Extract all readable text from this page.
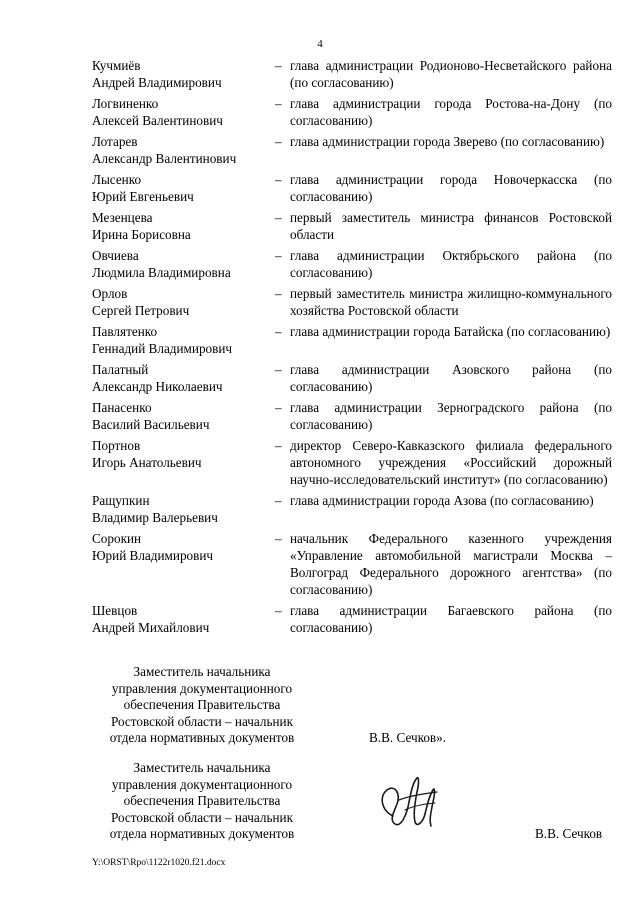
4
Кучмиёв
Андрей Владимирович
– глава администрации Родионово-Несветайского района (по согласованию)
Логвиненко
Алексей Валентинович
– глава администрации города Ростова-на-Дону (по согласованию)
Лотарев
Александр Валентинович
– глава администрации города Зверево (по согласованию)
Лысенко
Юрий Евгеньевич
– глава администрации города Новочеркасска (по согласованию)
Мезенцева
Ирина Борисовна
– первый заместитель министра финансов Ростовской области
Овчиева
Людмила Владимировна
– глава администрации Октябрьского района (по согласованию)
Орлов
Сергей Петрович
– первый заместитель министра жилищно-коммунального хозяйства Ростовской области
Павлятенко
Геннадий Владимирович
– глава администрации города Батайска (по согласованию)
Палатный
Александр Николаевич
– глава администрации Азовского района (по согласованию)
Панасенко
Василий Васильевич
– глава администрации Зерноградского района (по согласованию)
Портнов
Игорь Анатольевич
– директор Северо-Кавказского филиала федерального автономного учреждения «Российский дорожный научно-исследовательский институт» (по согласованию)
Ращупкин
Владимир Валерьевич
– глава администрации города Азова (по согласованию)
Сорокин
Юрий Владимирович
– начальник Федерального казенного учреждения «Управление автомобильной магистрали Москва – Волгоград Федерального дорожного агентства» (по согласованию)
Шевцов
Андрей Михайлович
– глава администрации Багаевского района (по согласованию)
Заместитель начальника
управления документационного
обеспечения Правительства
Ростовской области – начальник
отдела нормативных документов	В.В. Сечков».
Заместитель начальника
управления документационного
обеспечения Правительства
Ростовской области – начальник
отдела нормативных документов	В.В. Сечков
Y:\ORST\Rpo\1122r1020.f21.docx
